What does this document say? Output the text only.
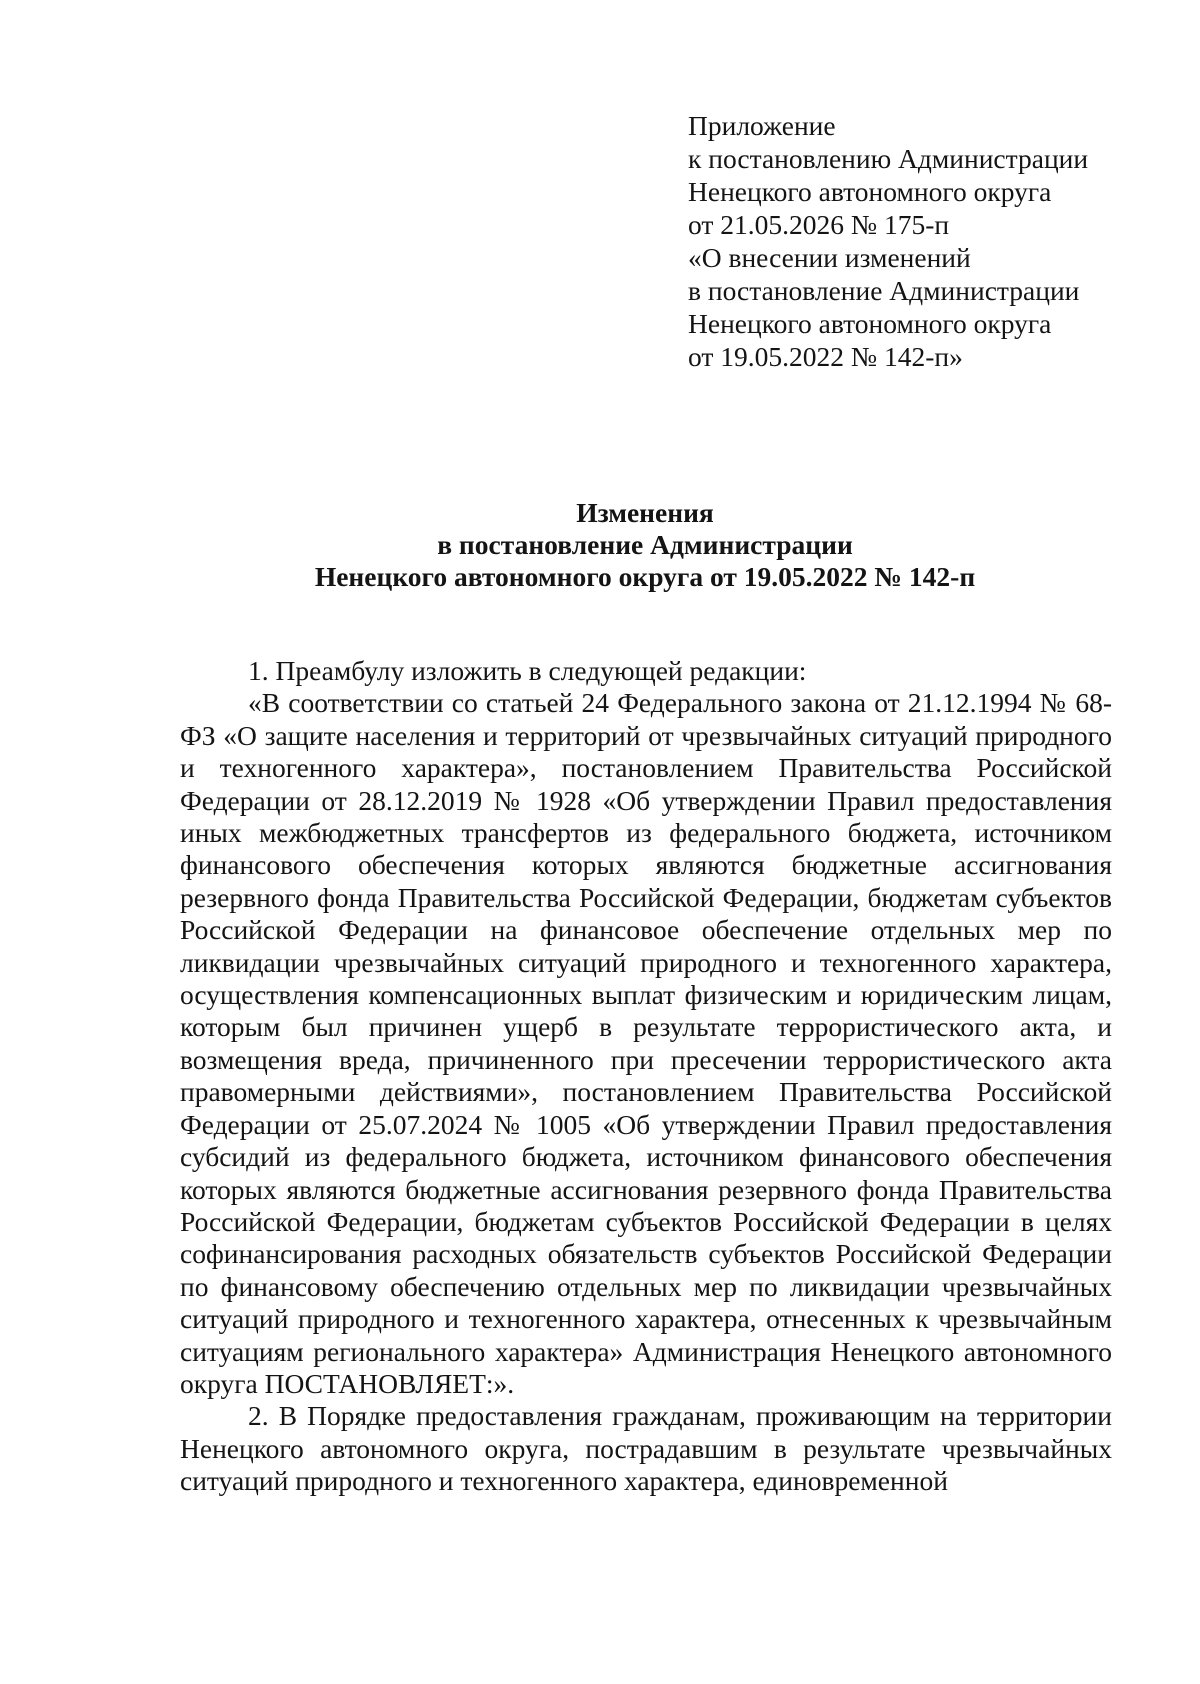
Приложение
к постановлению Администрации
Ненецкого автономного округа
от 21.05.2026 № 175-п
«О внесении изменений
в постановление Администрации
Ненецкого автономного округа
от 19.05.2022 № 142-п»
Изменения
в постановление Администрации
Ненецкого автономного округа от 19.05.2022 № 142-п

1. Преамбулу изложить в следующей редакции:

«В соответствии со статьей 24 Федерального закона от 21.12.1994 № 68-ФЗ «О защите населения и территорий от чрезвычайных ситуаций природного и техногенного характера», постановлением Правительства Российской Федерации от 28.12.2019 № 1928 «Об утверждении Правил предоставления иных межбюджетных трансфертов из федерального бюджета, источником финансового обеспечения которых являются бюджетные ассигнования резервного фонда Правительства Российской Федерации, бюджетам субъектов Российской Федерации на финансовое обеспечение отдельных мер по ликвидации чрезвычайных ситуаций природного и техногенного характера, осуществления компенсационных выплат физическим и юридическим лицам, которым был причинен ущерб в результате террористического акта, и возмещения вреда, причиненного при пресечении террористического акта правомерными действиями», постановлением Правительства Российской Федерации от 25.07.2024 № 1005 «Об утверждении Правил предоставления субсидий из федерального бюджета, источником финансового обеспечения которых являются бюджетные ассигнования резервного фонда Правительства Российской Федерации, бюджетам субъектов Российской Федерации в целях софинансирования расходных обязательств субъектов Российской Федерации по финансовому обеспечению отдельных мер по ликвидации чрезвычайных ситуаций природного и техногенного характера, отнесенных к чрезвычайным ситуациям регионального характера» Администрация Ненецкого автономного округа ПОСТАНОВЛЯЕТ:».

2. В Порядке предоставления гражданам, проживающим на территории Ненецкого автономного округа, пострадавшим в результате чрезвычайных ситуаций природного и техногенного характера, единовременной
